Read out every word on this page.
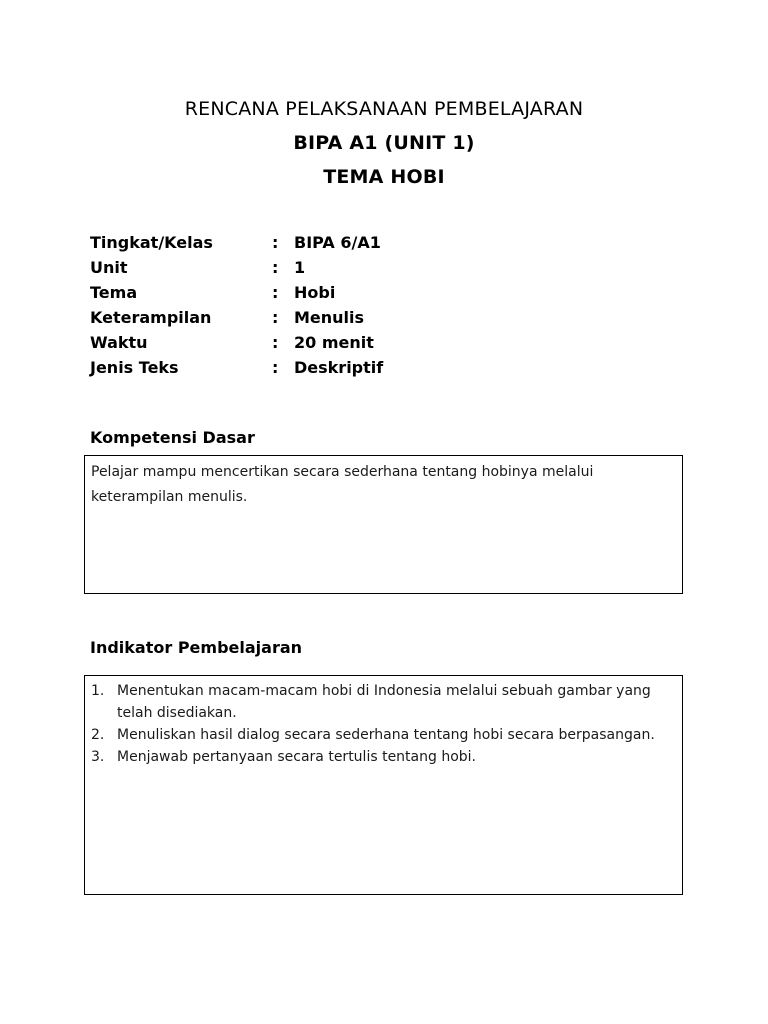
RENCANA PELAKSANAAN PEMBELAJARAN
BIPA A1 (UNIT 1)
TEMA HOBI
Tingkat/Kelas	: BIPA 6/A1
Unit	: 1
Tema	: Hobi
Keterampilan	: Menulis
Waktu	: 20 menit
Jenis Teks	: Deskriptif
Kompetensi Dasar
Pelajar mampu mencertikan secara sederhana tentang hobinya melalui keterampilan menulis.
Indikator Pembelajaran
1. Menentukan macam-macam hobi di Indonesia melalui sebuah gambar yang telah disediakan.
2. Menuliskan hasil dialog secara sederhana tentang hobi secara berpasangan.
3. Menjawab pertanyaan secara tertulis tentang hobi.
